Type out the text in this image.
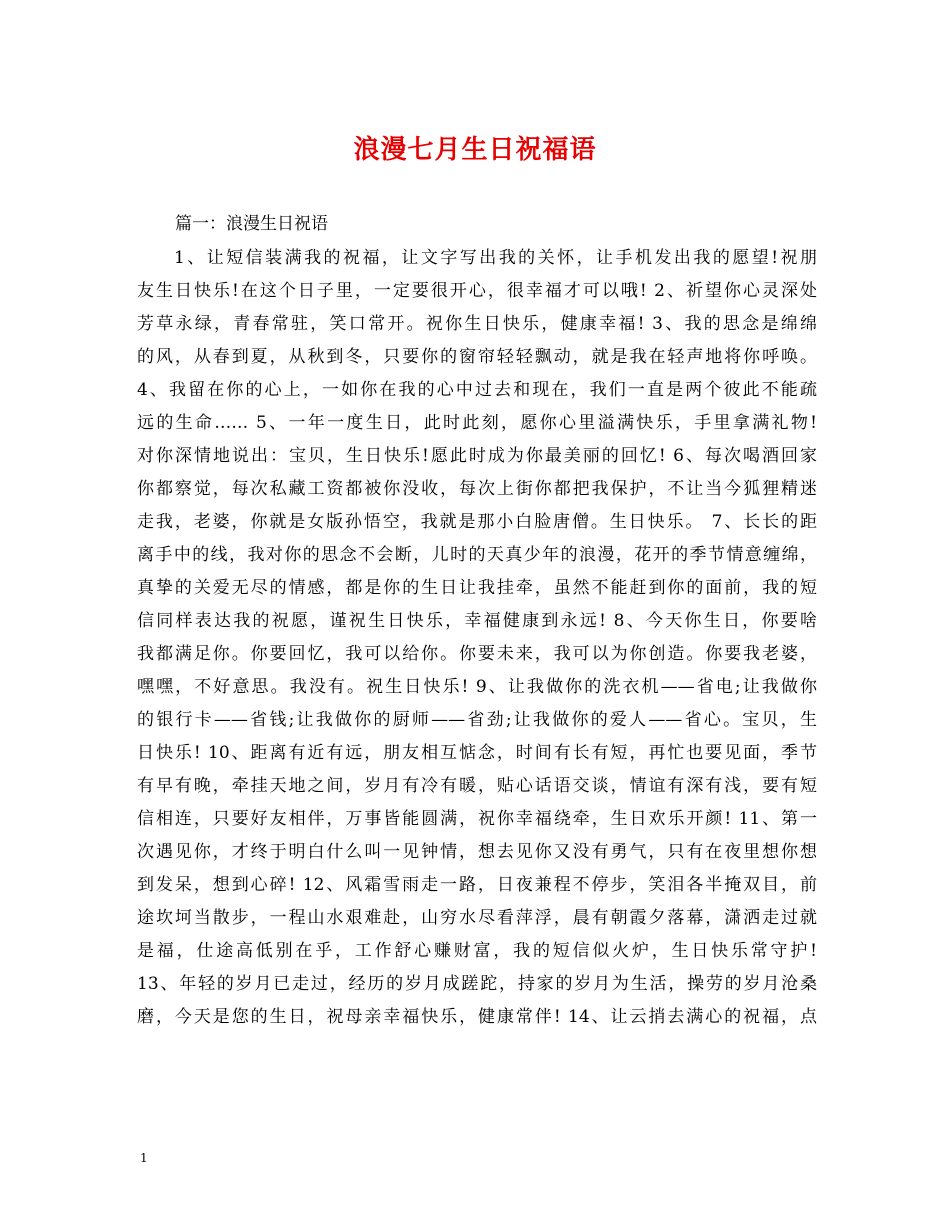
浪漫七月生日祝福语
篇一：浪漫生日祝语
1、让短信装满我的祝福，让文字写出我的关怀，让手机发出我的愿望!祝朋
友生日快乐!在这个日子里，一定要很开心，很幸福才可以哦! 2、祈望你心灵深处
芳草永绿，青春常驻，笑口常开。祝你生日快乐，健康幸福! 3、我的思念是绵绵
的风，从春到夏，从秋到冬，只要你的窗帘轻轻飘动，就是我在轻声地将你呼唤。
4、我留在你的心上，一如你在我的心中过去和现在，我们一直是两个彼此不能疏
远的生命…… 5、一年一度生日，此时此刻，愿你心里溢满快乐，手里拿满礼物!
对你深情地说出：宝贝，生日快乐!愿此时成为你最美丽的回忆! 6、每次喝酒回家
你都察觉，每次私藏工资都被你没收，每次上街你都把我保护，不让当今狐狸精迷
走我，老婆，你就是女版孙悟空，我就是那小白脸唐僧。生日快乐。 7、长长的距
离手中的线，我对你的思念不会断，儿时的天真少年的浪漫，花开的季节情意缠绵，
真挚的关爱无尽的情感，都是你的生日让我挂牵，虽然不能赶到你的面前，我的短
信同样表达我的祝愿，谨祝生日快乐，幸福健康到永远! 8、今天你生日，你要啥
我都满足你。你要回忆，我可以给你。你要未来，我可以为你创造。你要我老婆，
嘿嘿，不好意思。我没有。祝生日快乐! 9、让我做你的洗衣机——省电;让我做你
的银行卡——省钱;让我做你的厨师——省劲;让我做你的爱人——省心。宝贝，生
日快乐! 10、距离有近有远，朋友相互惦念，时间有长有短，再忙也要见面，季节
有早有晚，牵挂天地之间，岁月有冷有暖，贴心话语交谈，情谊有深有浅，要有短
信相连，只要好友相伴，万事皆能圆满，祝你幸福绕牵，生日欢乐开颜! 11、第一
次遇见你，才终于明白什么叫一见钟情，想去见你又没有勇气，只有在夜里想你想
到发呆，想到心碎! 12、风霜雪雨走一路，日夜兼程不停步，笑泪各半掩双目，前
途坎坷当散步，一程山水艰难赴，山穷水尽看萍浮，晨有朝霞夕落幕，潇洒走过就
是福，仕途高低别在乎，工作舒心赚财富，我的短信似火炉，生日快乐常守护!
13、年轻的岁月已走过，经历的岁月成蹉跎，持家的岁月为生活，操劳的岁月沧桑
磨，今天是您的生日，祝母亲幸福快乐，健康常伴! 14、让云捎去满心的祝福，点
1
